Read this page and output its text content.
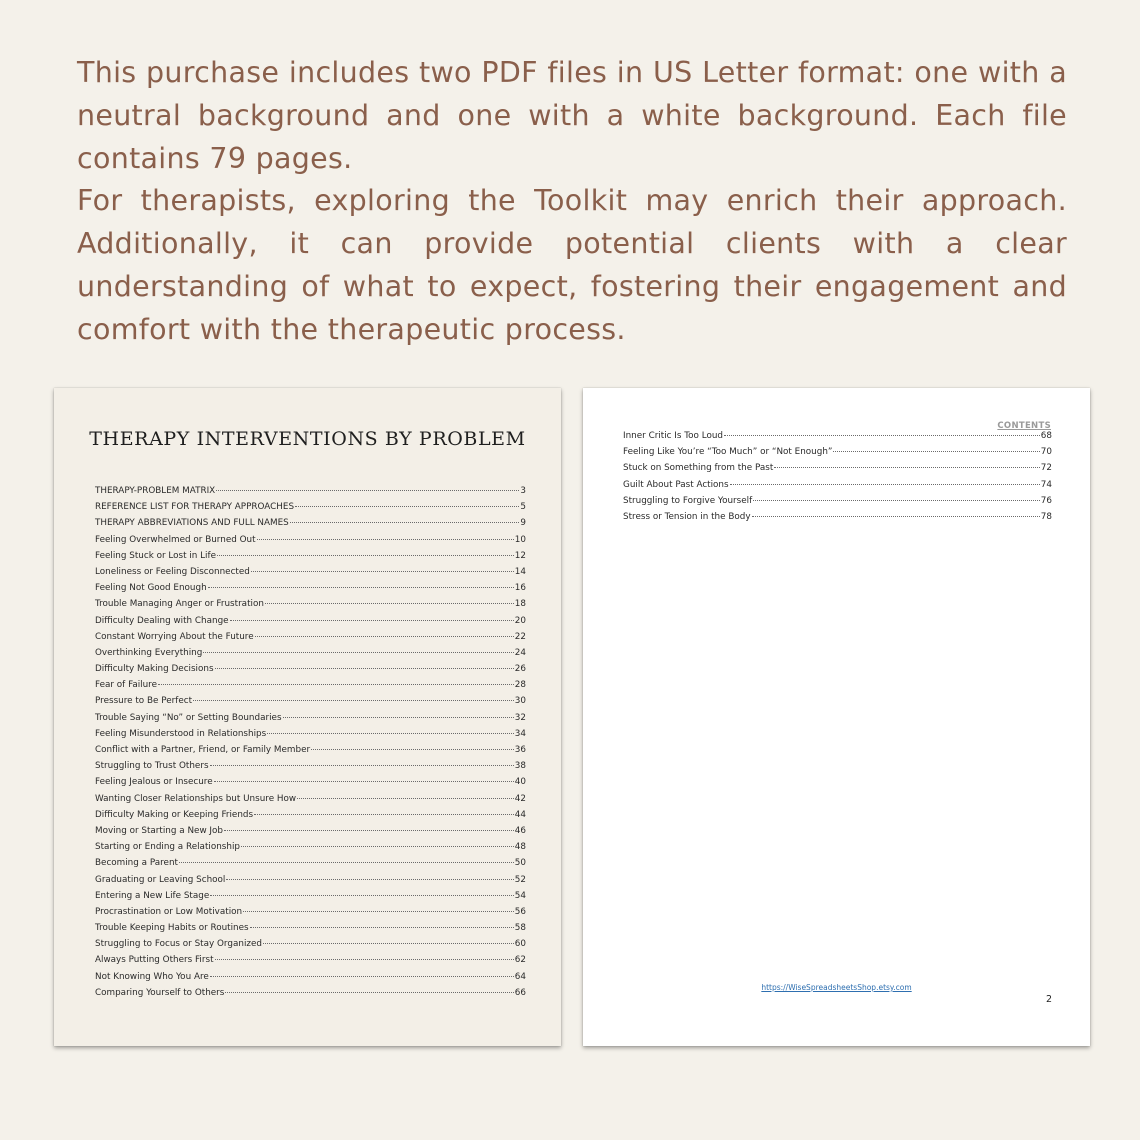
This purchase includes two PDF files in US Letter format: one with a neutral background and one with a white background. Each file contains 79 pages.

For therapists, exploring the Toolkit may enrich their approach. Additionally, it can provide potential clients with a clear understanding of what to expect, fostering their engagement and comfort with the therapeutic process.

THERAPY INTERVENTIONS BY PROBLEM
THERAPY-PROBLEM MATRIX	3
REFERENCE LIST FOR THERAPY APPROACHES	5
THERAPY ABBREVIATIONS AND FULL NAMES	9
Feeling Overwhelmed or Burned Out	10
Feeling Stuck or Lost in Life	12
Loneliness or Feeling Disconnected	14
Feeling Not Good Enough	16
Trouble Managing Anger or Frustration	18
Difficulty Dealing with Change	20
Constant Worrying About the Future	22
Overthinking Everything	24
Difficulty Making Decisions	26
Fear of Failure	28
Pressure to Be Perfect	30
Trouble Saying “No” or Setting Boundaries	32
Feeling Misunderstood in Relationships	34
Conflict with a Partner, Friend, or Family Member	36
Struggling to Trust Others	38
Feeling Jealous or Insecure	40
Wanting Closer Relationships but Unsure How	42
Difficulty Making or Keeping Friends	44
Moving or Starting a New Job	46
Starting or Ending a Relationship	48
Becoming a Parent	50
Graduating or Leaving School	52
Entering a New Life Stage	54
Procrastination or Low Motivation	56
Trouble Keeping Habits or Routines	58
Struggling to Focus or Stay Organized	60
Always Putting Others First	62
Not Knowing Who You Are	64
Comparing Yourself to Others	66
CONTENTS
Inner Critic Is Too Loud	68
Feeling Like You’re “Too Much” or “Not Enough”	70
Stuck on Something from the Past	72
Guilt About Past Actions	74
Struggling to Forgive Yourself	76
Stress or Tension in the Body	78
https://WiseSpreadsheetsShop.etsy.com
2
